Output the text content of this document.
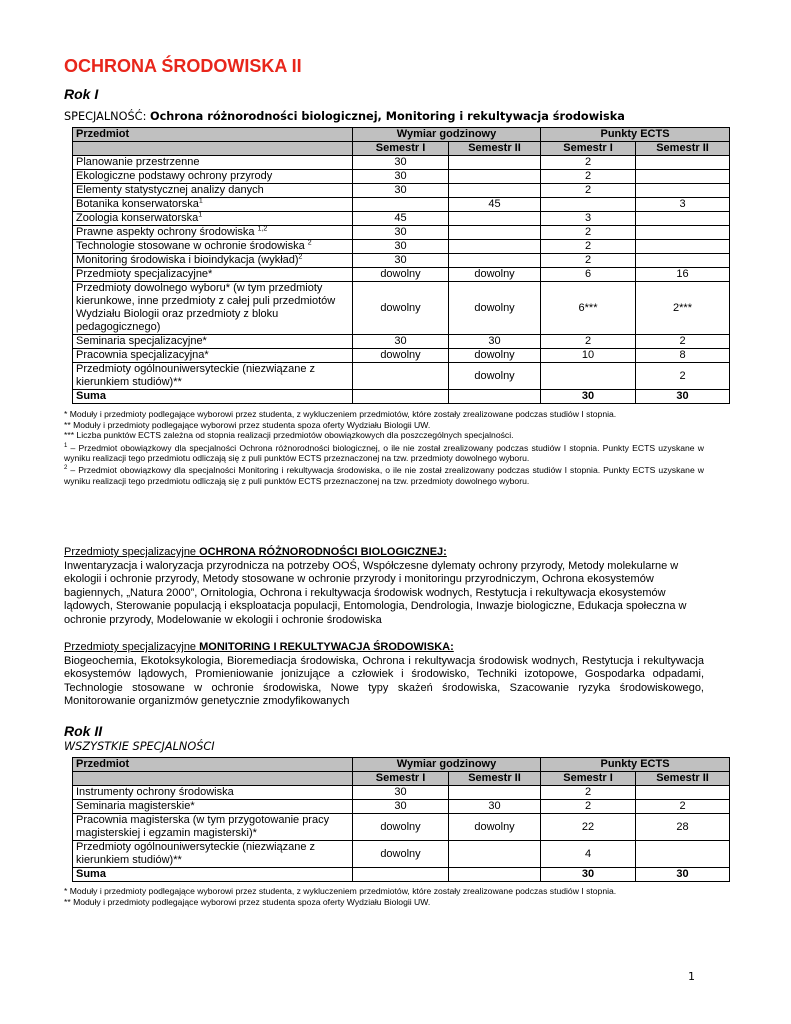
OCHRONA ŚRODOWISKA II
Rok I
SPECJALNOŚĆ: Ochrona różnorodności biologicznej, Monitoring i rekultywacja środowiska
Przedmiot	Wymiar godzinowy		Punkty ECTS	
	Semestr I	Semestr II	Semestr I	Semestr II
Planowanie przestrzenne	30		2	
Ekologiczne podstawy ochrony przyrody	30		2	
Elementy statystycznej analizy danych	30		2	
Botanika konserwatorska$^1$		45		3
Zoologia konserwatorska$^1$	45		3	
Prawne aspekty ochrony środowiska $^{1,2}$	30		2	
Technologie stosowane w ochronie środowiska $^2$	30		2	
Monitoring środowiska i bioindykacja (wykład)$^2$	30		2	
Przedmioty specjalizacyjne*	dowolny	dowolny	6	16
Przedmioty dowolnego wyboru* (w tym przedmioty kierunkowe, inne przedmioty z całej puli przedmiotów Wydziału Biologii oraz przedmioty z bloku pedagogicznego)	dowolny	dowolny	6***	2***
Seminaria specjalizacyjne*	30	30	2	2
Pracownia specjalizacyjna*	dowolny	dowolny	10	8
Przedmioty ogólnouniwersyteckie (niezwiązane z kierunkiem studiów)**		dowolny		2
Suma			30	30

* Moduły i przedmioty podlegające wyborowi przez studenta, z wykluczeniem przedmiotów, które zostały zrealizowane podczas studiów I stopnia.

** Moduły i przedmioty podlegające wyborowi przez studenta spoza oferty Wydziału Biologii UW.

*** Liczba punktów ECTS zależna od stopnia realizacji przedmiotów obowiązkowych dla poszczególnych specjalności.

$^1$ – Przedmiot obowiązkowy dla specjalności Ochrona różnorodności biologicznej, o ile nie został zrealizowany podczas studiów I stopnia. Punkty ECTS uzyskane w wyniku realizacji tego przedmiotu odliczają się z puli punktów ECTS przeznaczonej na tzw. przedmioty dowolnego wyboru.

$^2$ – Przedmiot obowiązkowy dla specjalności Monitoring i rekultywacja środowiska, o ile nie został zrealizowany podczas studiów I stopnia. Punkty ECTS uzyskane w wyniku realizacji tego przedmiotu odliczają się z puli punktów ECTS przeznaczonej na tzw. przedmioty dowolnego wyboru.

Przedmioty specjalizacyjne OCHRONA RÓŻNORODNOŚCI BIOLOGICZNEJ:

Inwentaryzacja i waloryzacja przyrodnicza na potrzeby OOŚ, Współczesne dylematy ochrony przyrody, Metody molekularne w ekologii i ochronie przyrody, Metody stosowane w ochronie przyrody i monitoringu przyrodniczym, Ochrona ekosystemów bagiennych, „Natura 2000”, Ornitologia, Ochrona i rekultywacja środowisk wodnych, Restytucja i rekultywacja ekosystemów lądowych, Sterowanie populacją i eksploatacja populacji, Entomologia, Dendrologia, Inwazje biologiczne, Edukacja społeczna w ochronie przyrody, Modelowanie w ekologii i ochronie środowiska

Przedmioty specjalizacyjne MONITORING I REKULTYWACJA ŚRODOWISKA:

Biogeochemia, Ekotoksykologia, Bioremediacja środowiska, Ochrona i rekultywacja środowisk wodnych, Restytucja i rekultywacja ekosystemów lądowych, Promieniowanie jonizujące a człowiek i środowisko, Techniki izotopowe, Gospodarka odpadami, Technologie stosowane w ochronie środowiska, Nowe typy skażeń środowiska, Szacowanie ryzyka środowiskowego, Monitorowanie organizmów genetycznie zmodyfikowanych

Rok II
WSZYSTKIE SPECJALNOŚCI
Przedmiot	Wymiar godzinowy		Punkty ECTS	
	Semestr I	Semestr II	Semestr I	Semestr II
Instrumenty ochrony środowiska	30		2	
Seminaria magisterskie*	30	30	2	2
Pracownia magisterska (w tym przygotowanie pracy magisterskiej i egzamin magisterski)*	dowolny	dowolny	22	28
Przedmioty ogólnouniwersyteckie (niezwiązane z kierunkiem studiów)**	dowolny		4	
Suma			30	30

* Moduły i przedmioty podlegające wyborowi przez studenta, z wykluczeniem przedmiotów, które zostały zrealizowane podczas studiów I stopnia.

** Moduły i przedmioty podlegające wyborowi przez studenta spoza oferty Wydziału Biologii UW.

1
